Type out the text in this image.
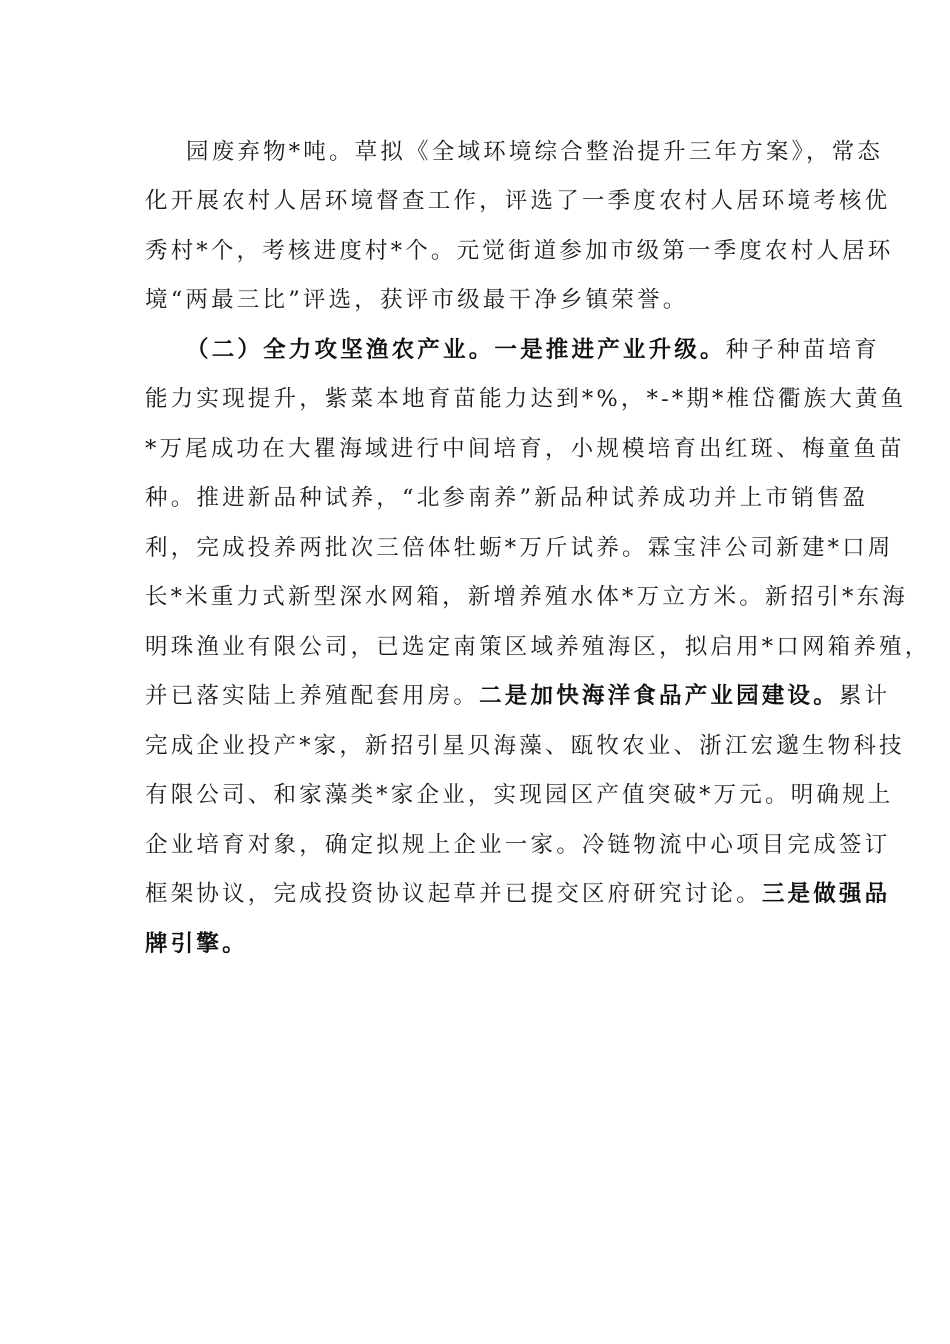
园废弃物*吨。草拟《全域环境综合整治提升三年方案》，常态
化开展农村人居环境督查工作，评选了一季度农村人居环境考核优
秀村*个，考核进度村*个。元觉街道参加市级第一季度农村人居环
境“两最三比”评选，获评市级最干净乡镇荣誉。
（二）全力攻坚渔农产业。一是推进产业升级。种子种苗培育
能力实现提升，紫菜本地育苗能力达到*%，*-*期*椎岱衢族大黄鱼
*万尾成功在大瞿海域进行中间培育，小规模培育出红斑、梅童鱼苗
种。推进新品种试养，“北参南养”新品种试养成功并上市销售盈
利，完成投养两批次三倍体牡蛎*万斤试养。霖宝沣公司新建*口周
长*米重力式新型深水网箱，新增养殖水体*万立方米。新招引*东海
明珠渔业有限公司，已选定南策区域养殖海区，拟启用*口网箱养殖，
并已落实陆上养殖配套用房。二是加快海洋食品产业园建设。累计
完成企业投产*家，新招引星贝海藻、瓯牧农业、浙江宏邈生物科技
有限公司、和家藻类*家企业，实现园区产值突破*万元。明确规上
企业培育对象，确定拟规上企业一家。冷链物流中心项目完成签订
框架协议，完成投资协议起草并已提交区府研究讨论。三是做强品
牌引擎。
